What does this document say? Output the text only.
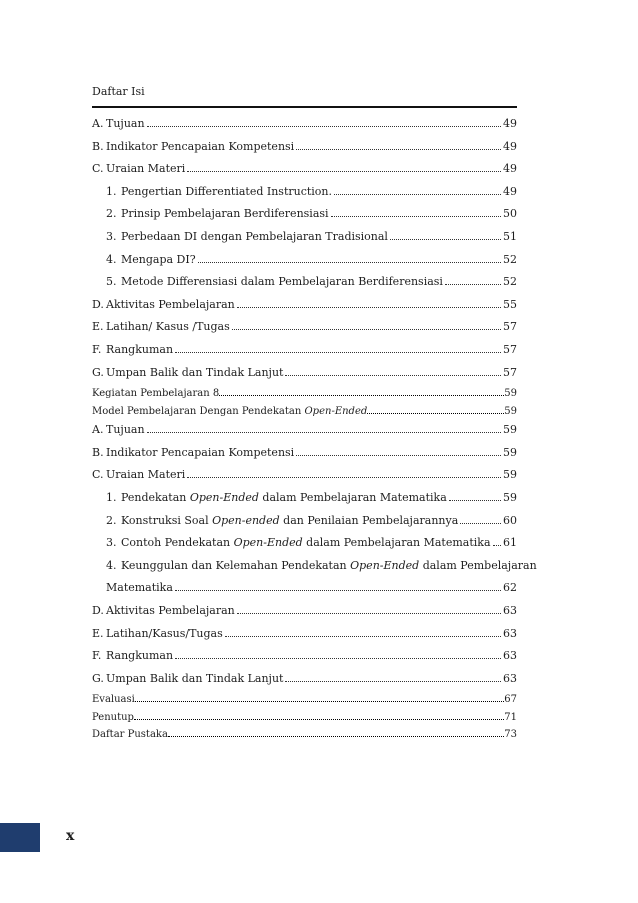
Daftar Isi
A. Tujuan	49
B. Indikator Pencapaian Kompetensi	49
C. Uraian Materi	49
1. Pengertian Differentiated Instruction.	49
2. Prinsip Pembelajaran Berdiferensiasi	50
3. Perbedaan DI dengan Pembelajaran Tradisional	51
4. Mengapa DI?	52
5. Metode Differensiasi dalam Pembelajaran Berdiferensiasi	52
D. Aktivitas Pembelajaran	55
E. Latihan/ Kasus /Tugas	57
F. Rangkuman	57
G. Umpan Balik dan Tindak Lanjut	57
Kegiatan Pembelajaran 8	59
Model Pembelajaran Dengan Pendekatan Open-Ended	59
A. Tujuan	59
B. Indikator Pencapaian Kompetensi	59
C. Uraian Materi	59
1. Pendekatan Open-Ended dalam Pembelajaran Matematika	59
2. Konstruksi Soal Open-ended dan Penilaian Pembelajarannya	60
3. Contoh Pendekatan Open-Ended dalam Pembelajaran Matematika 61
4. Keunggulan dan Kelemahan Pendekatan Open-Ended dalam Pembelajaran
Matematika	62
D. Aktivitas Pembelajaran	63
E. Latihan/Kasus/Tugas	63
F. Rangkuman	63
G. Umpan Balik dan Tindak Lanjut	63
Evaluasi	67
Penutup	71
Daftar Pustaka	73
x
